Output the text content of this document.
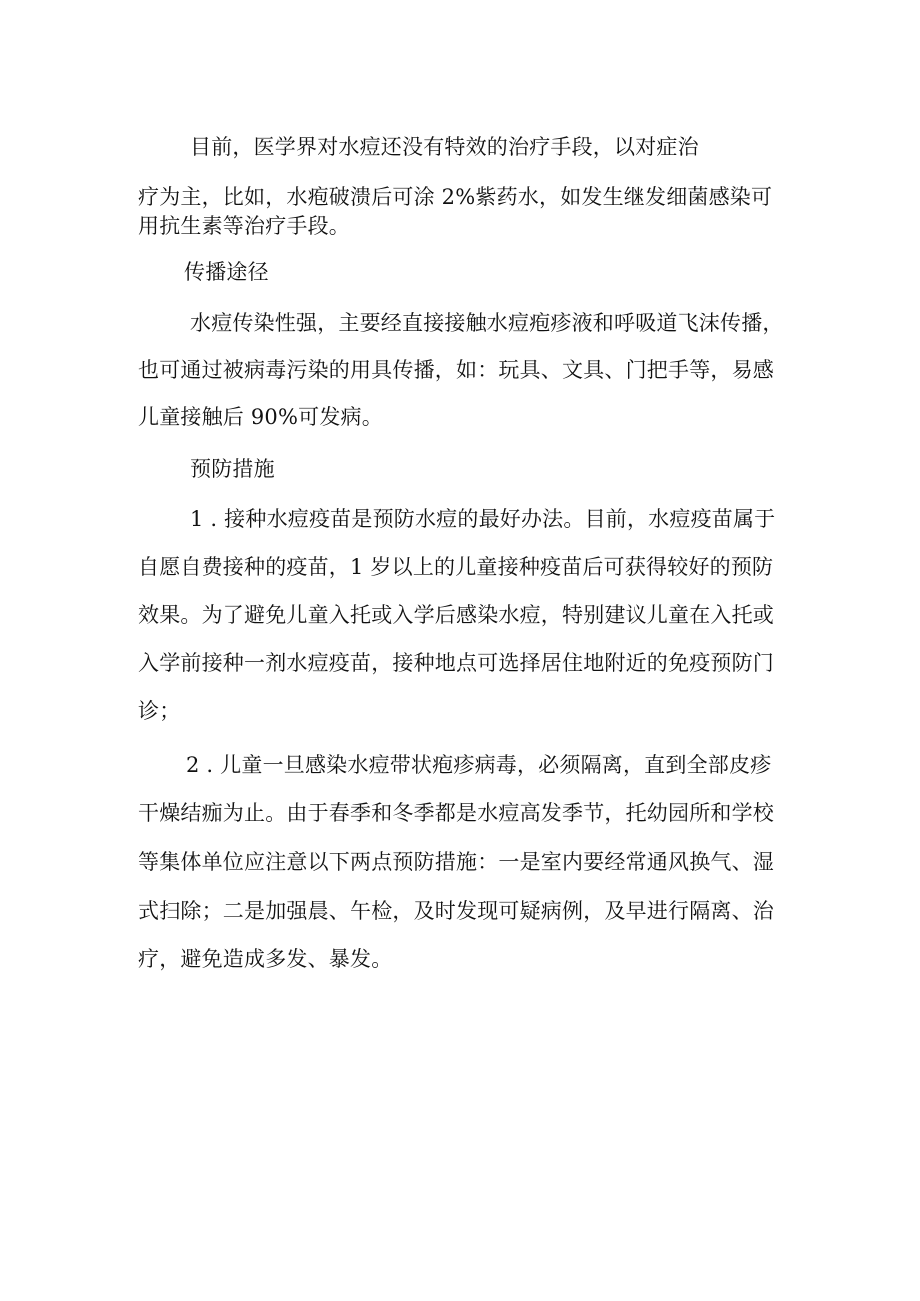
目前，医学界对水痘还没有特效的治疗手段，以对症治
疗为主，比如，水疱破溃后可涂 2%紫药水，如发生继发细菌感染可
用抗生素等治疗手段。
传播途径
水痘传染性强，主要经直接接触水痘疱疹液和呼吸道飞沫传播，
也可通过被病毒污染的用具传播，如：玩具、文具、门把手等，易感
儿童接触后 90%可发病。
预防措施
1 . 接种水痘疫苗是预防水痘的最好办法。目前，水痘疫苗属于
自愿自费接种的疫苗，1 岁以上的儿童接种疫苗后可获得较好的预防
效果。为了避免儿童入托或入学后感染水痘，特别建议儿童在入托或
入学前接种一剂水痘疫苗，接种地点可选择居住地附近的免疫预防门
诊；
2 . 儿童一旦感染水痘带状疱疹病毒，必须隔离，直到全部皮疹
干燥结痂为止。由于春季和冬季都是水痘高发季节，托幼园所和学校
等集体单位应注意以下两点预防措施：一是室内要经常通风换气、湿
式扫除；二是加强晨、午检，及时发现可疑病例，及早进行隔离、治
疗，避免造成多发、暴发。
